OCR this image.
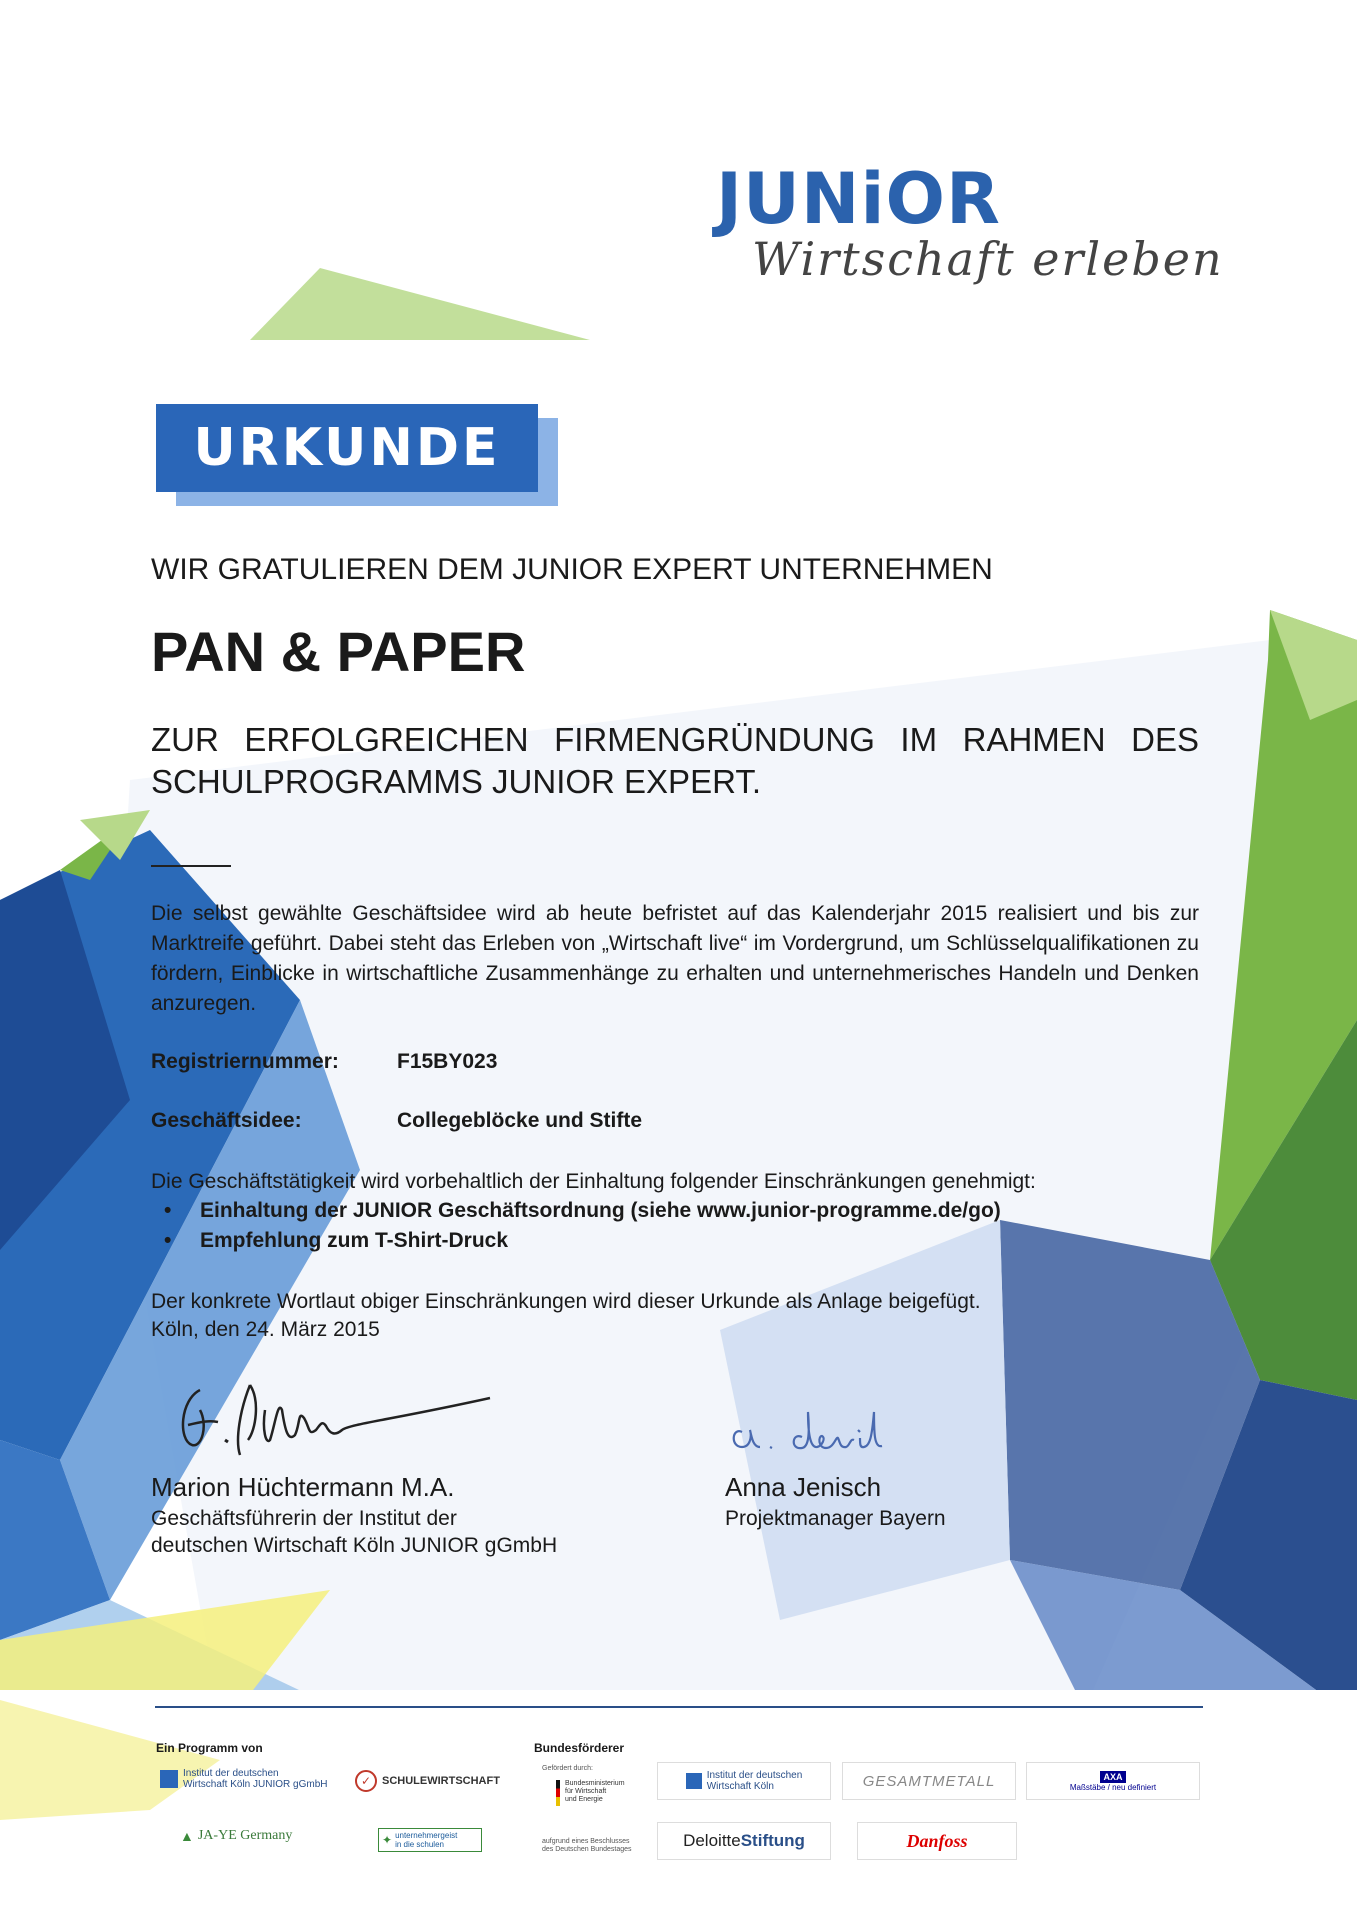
JUNiOR
Wirtschaft erleben
URKUNDE
WIR GRATULIEREN DEM JUNIOR EXPERT UNTERNEHMEN
PAN & PAPER
ZUR ERFOLGREICHEN FIRMENGRÜNDUNG IM RAHMEN DES
SCHULPROGRAMMS JUNIOR EXPERT.
Die selbst gewählte Geschäftsidee wird ab heute befristet auf das Kalenderjahr 2015 realisiert und bis zur Marktreife geführt. Dabei steht das Erleben von „Wirtschaft live“ im Vordergrund, um Schlüsselqualifikationen zu fördern, Einblicke in wirtschaftliche Zusammenhänge zu erhalten und unternehmerisches Handeln und Denken anzuregen.
Registriernummer:	F15BY023
Geschäftsidee:	Collegeblöcke und Stifte
Die Geschäftstätigkeit wird vorbehaltlich der Einhaltung folgender Einschränkungen genehmigt:
• Einhaltung der JUNIOR Geschäftsordnung (siehe www.junior-programme.de/go)
• Empfehlung zum T-Shirt-Druck
Der konkrete Wortlaut obiger Einschränkungen wird dieser Urkunde als Anlage beigefügt.
Köln, den 24. März 2015
Marion Hüchtermann M.A.
Geschäftsführerin der Institut der
deutschen Wirtschaft Köln JUNIOR gGmbH
Anna Jenisch
Projektmanager Bayern
Ein Programm von	Bundesförderer
Institut der deutschen
Wirtschaft Köln JUNIOR gGmbH	✓ SCHULEWIRTSCHAFT
▲ JA-YE Germany	✦ unternehmergeist
in die schulen
Gefördert durch:
Bundesministerium
für Wirtschaft
und Energie
aufgrund eines Beschlusses
des Deutschen Bundestages
Institut der deutschen
Wirtschaft Köln	GESAMTMETALL	AXA
Maßstäbe / neu definiert
Deloitte Stiftung	Danfoss
